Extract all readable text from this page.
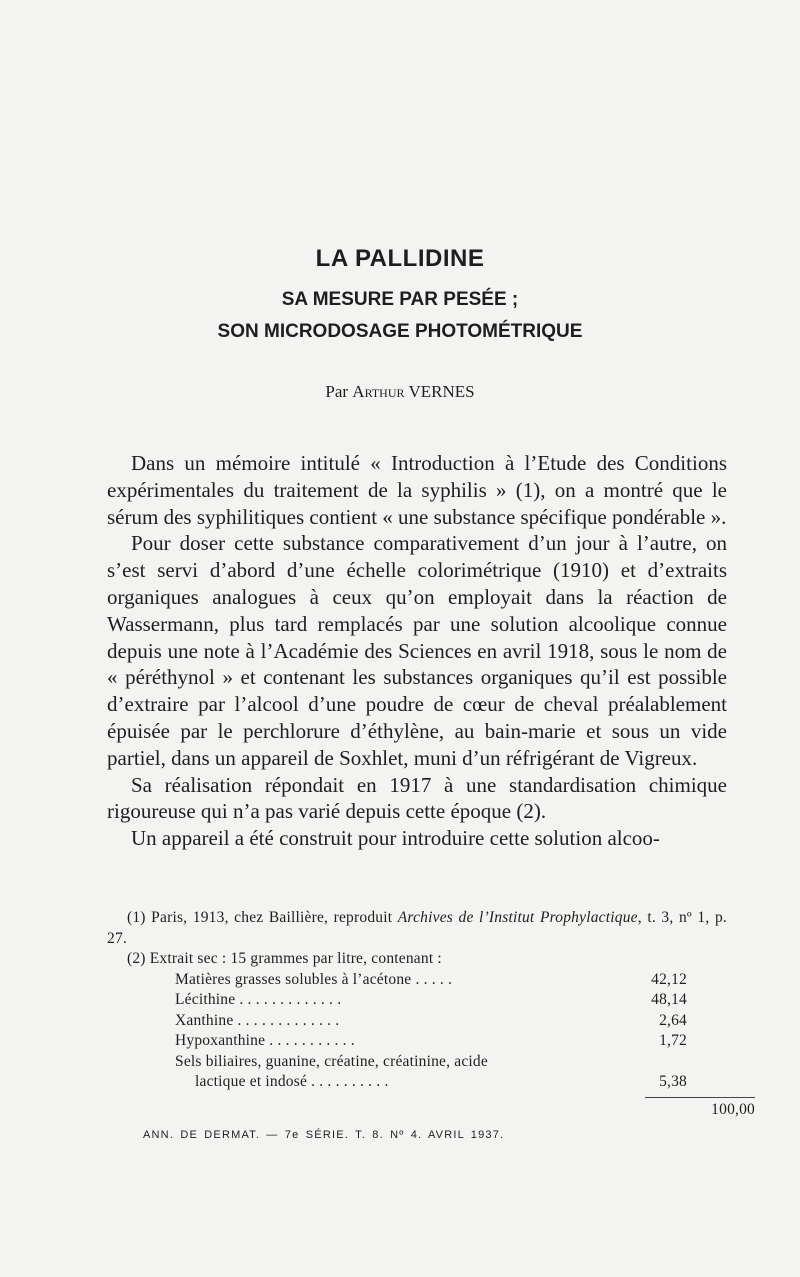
LA PALLIDINE
SA MESURE PAR PESÉE ;
SON MICRODOSAGE PHOTOMÉTRIQUE
Par Arthur VERNES

Dans un mémoire intitulé « Introduction à l’Etude des Conditions expérimentales du traitement de la syphilis » (1), on a montré que le sérum des syphilitiques contient « une substance spécifique pondérable ».

Pour doser cette substance comparativement d’un jour à l’autre, on s’est servi d’abord d’une échelle colorimétrique (1910) et d’extraits organiques analogues à ceux qu’on employait dans la réaction de Wassermann, plus tard remplacés par une solution alcoolique connue depuis une note à l’Académie des Sciences en avril 1918, sous le nom de « péréthynol » et contenant les substances organiques qu’il est possible d’extraire par l’alcool d’une poudre de cœur de cheval préalablement épuisée par le perchlorure d’éthylène, au bain-marie et sous un vide partiel, dans un appareil de Soxhlet, muni d’un réfrigérant de Vigreux.

Sa réalisation répondait en 1917 à une standardisation chimique rigoureuse qui n’a pas varié depuis cette époque (2).

Un appareil a été construit pour introduire cette solution alcoo-

(1) Paris, 1913, chez Baillière, reproduit Archives de l’Institut Prophylactique, t. 3, nº 1, p. 27.

(2) Extrait sec : 15 grammes par litre, contenant :

Matières grasses solubles à l’acétone . . . . .	42,12
Lécithine . . . . . . . . . . . . .	48,14
Xanthine . . . . . . . . . . . . .	2,64
Hypoxanthine . . . . . . . . . . .	1,72
Sels biliaires, guanine, créatine, créatinine, acide
lactique et indosé . . . . . . . . . .	5,38
100,00
ANN. DE DERMAT. — 7e SÉRIE. T. 8. Nº 4. AVRIL 1937.
